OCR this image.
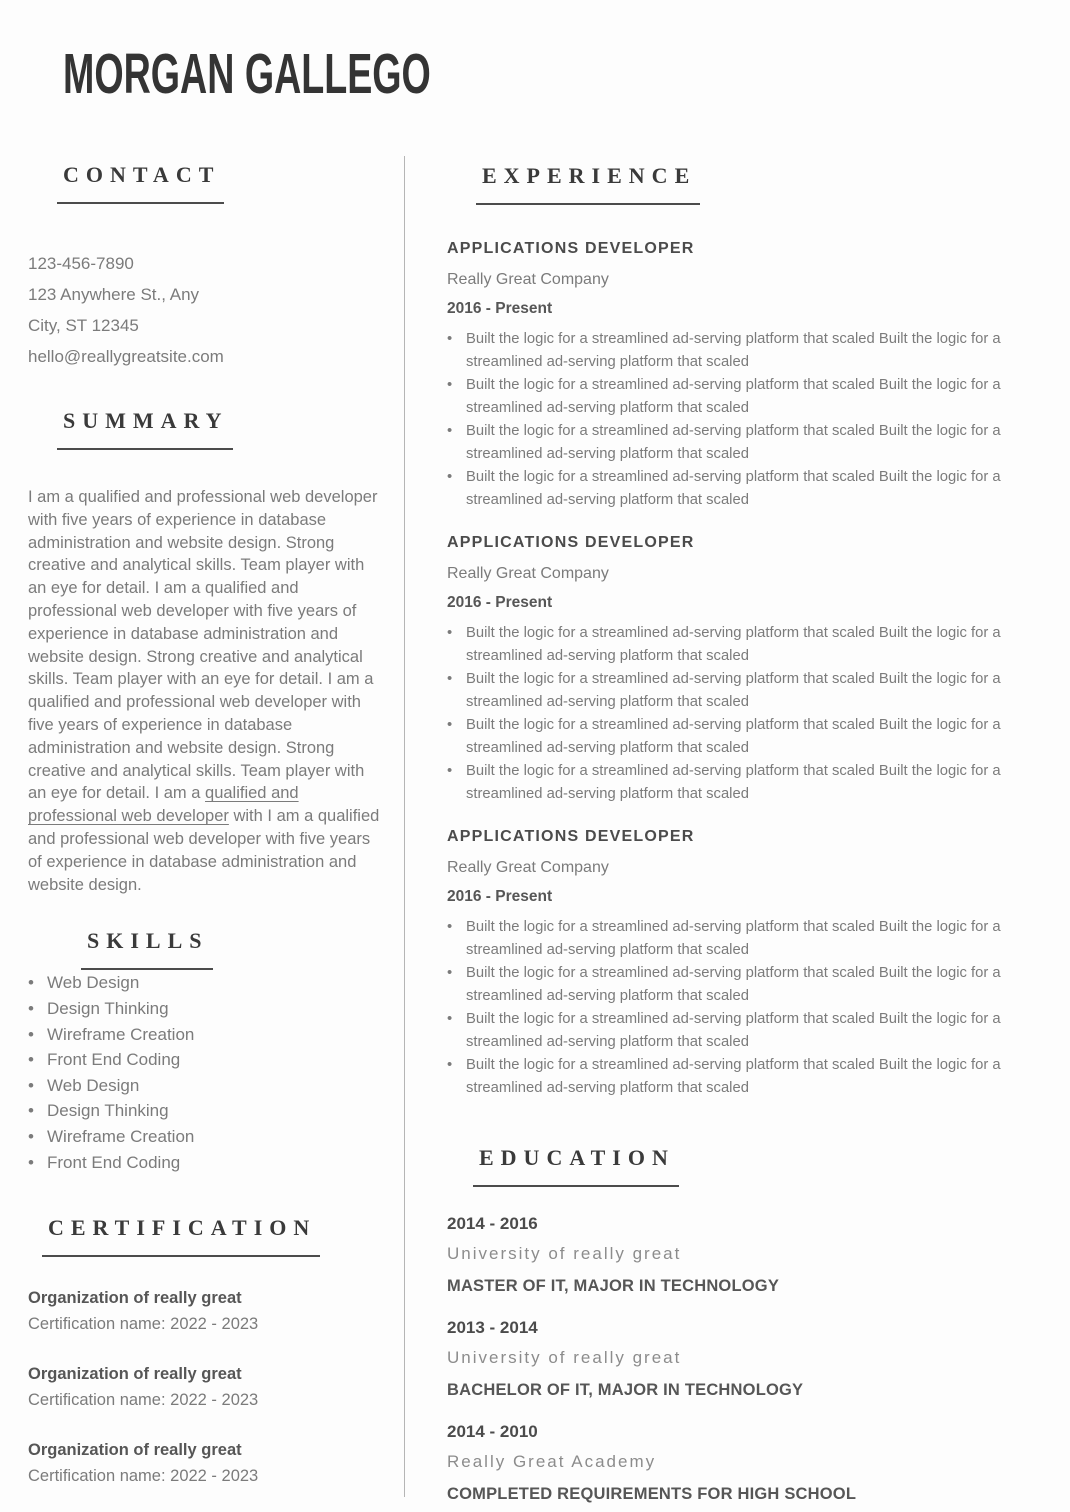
MORGAN GALLEGO
CONTACT
123-456-7890
123 Anywhere St., Any
City, ST 12345
hello@reallygreatsite.com
SUMMARY

I am a qualified and professional web developer with five years of experience in database administration and website design. Strong creative and analytical skills. Team player with an eye for detail. I am a qualified and professional web developer with five years of experience in database administration and website design. Strong creative and analytical skills. Team player with an eye for detail. I am a qualified and professional web developer with five years of experience in database administration and website design. Strong creative and analytical skills. Team player with an eye for detail. I am a qualified and professional web developer with I am a qualified and professional web developer with five years of experience in database administration and website design.

SKILLS
• Web Design
• Design Thinking
• Wireframe Creation
• Front End Coding
• Web Design
• Design Thinking
• Wireframe Creation
• Front End Coding
CERTIFICATION
Organization of really great
Certification name: 2022 - 2023
Organization of really great
Certification name: 2022 - 2023
Organization of really great
Certification name: 2022 - 2023
EXPERIENCE
APPLICATIONS DEVELOPER
Really Great Company
2016 - Present
• Built the logic for a streamlined ad-serving platform that scaled Built the logic for a streamlined ad-serving platform that scaled
• Built the logic for a streamlined ad-serving platform that scaled Built the logic for a streamlined ad-serving platform that scaled
• Built the logic for a streamlined ad-serving platform that scaled Built the logic for a streamlined ad-serving platform that scaled
• Built the logic for a streamlined ad-serving platform that scaled Built the logic for a streamlined ad-serving platform that scaled
APPLICATIONS DEVELOPER
Really Great Company
2016 - Present
• Built the logic for a streamlined ad-serving platform that scaled Built the logic for a streamlined ad-serving platform that scaled
• Built the logic for a streamlined ad-serving platform that scaled Built the logic for a streamlined ad-serving platform that scaled
• Built the logic for a streamlined ad-serving platform that scaled Built the logic for a streamlined ad-serving platform that scaled
• Built the logic for a streamlined ad-serving platform that scaled Built the logic for a streamlined ad-serving platform that scaled
APPLICATIONS DEVELOPER
Really Great Company
2016 - Present
• Built the logic for a streamlined ad-serving platform that scaled Built the logic for a streamlined ad-serving platform that scaled
• Built the logic for a streamlined ad-serving platform that scaled Built the logic for a streamlined ad-serving platform that scaled
• Built the logic for a streamlined ad-serving platform that scaled Built the logic for a streamlined ad-serving platform that scaled
• Built the logic for a streamlined ad-serving platform that scaled Built the logic for a streamlined ad-serving platform that scaled
EDUCATION
2014 - 2016
University of really great
MASTER OF IT, MAJOR IN TECHNOLOGY
2013 - 2014
University of really great
BACHELOR OF IT, MAJOR IN TECHNOLOGY
2014 - 2010
Really Great Academy
COMPLETED REQUIREMENTS FOR HIGH SCHOOL
